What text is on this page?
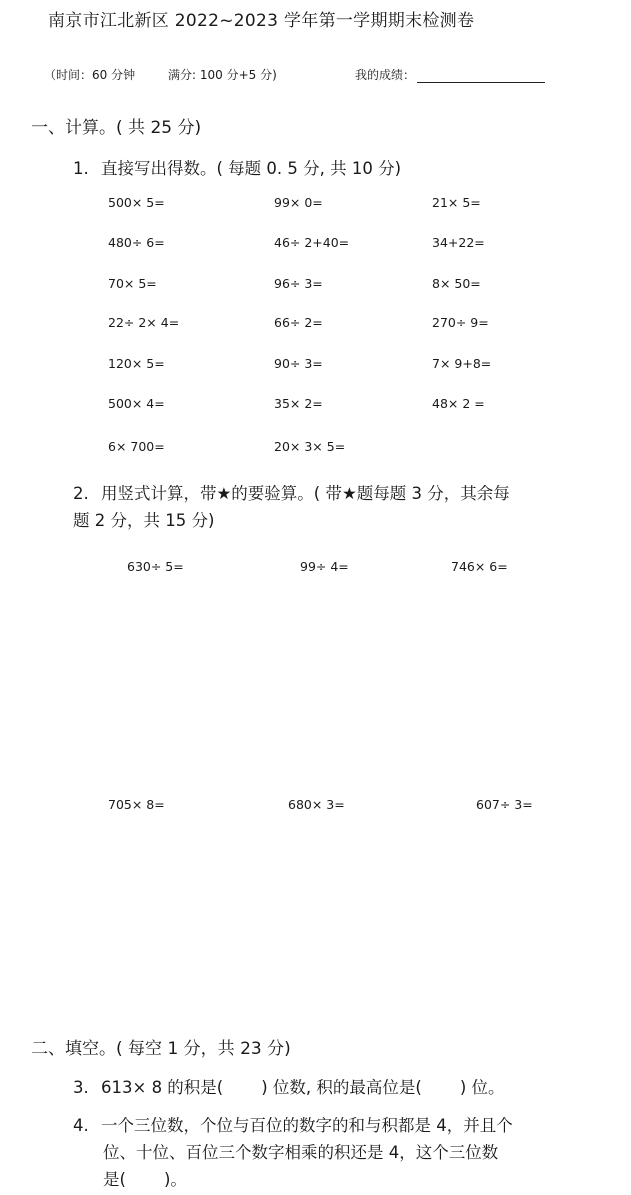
南京市江北新区 2022~2023 学年第一学期期末检测卷
（时间：60 分钟	满分: 100 分+5 分)	我的成绩：
一、计算。( 共 25 分)
1. 直接写出得数。( 每题 0. 5 分, 共 10 分)
500× 5=	99× 0=	21× 5=
480÷ 6=	46÷ 2+40=	34+22=
70× 5=	96÷ 3=	8× 50=
22÷ 2× 4=	66÷ 2=	270÷ 9=
120× 5=	90÷ 3=	7× 9+8=
500× 4=	35× 2=	48× 2 =
6× 700=	20× 3× 5=
2. 用竖式计算，带★的要验算。( 带★题每题 3 分，其余每
题 2 分，共 15 分)
630÷ 5=	99÷ 4=	746× 6=
705× 8=	680× 3=	607÷ 3=
二、填空。( 每空 1 分，共 23 分)
3. 613× 8 的积是( ) 位数, 积的最高位是( ) 位。
4. 一个三位数，个位与百位的数字的和与积都是 4，并且个
位、十位、百位三个数字相乘的积还是 4，这个三位数
是( )。
